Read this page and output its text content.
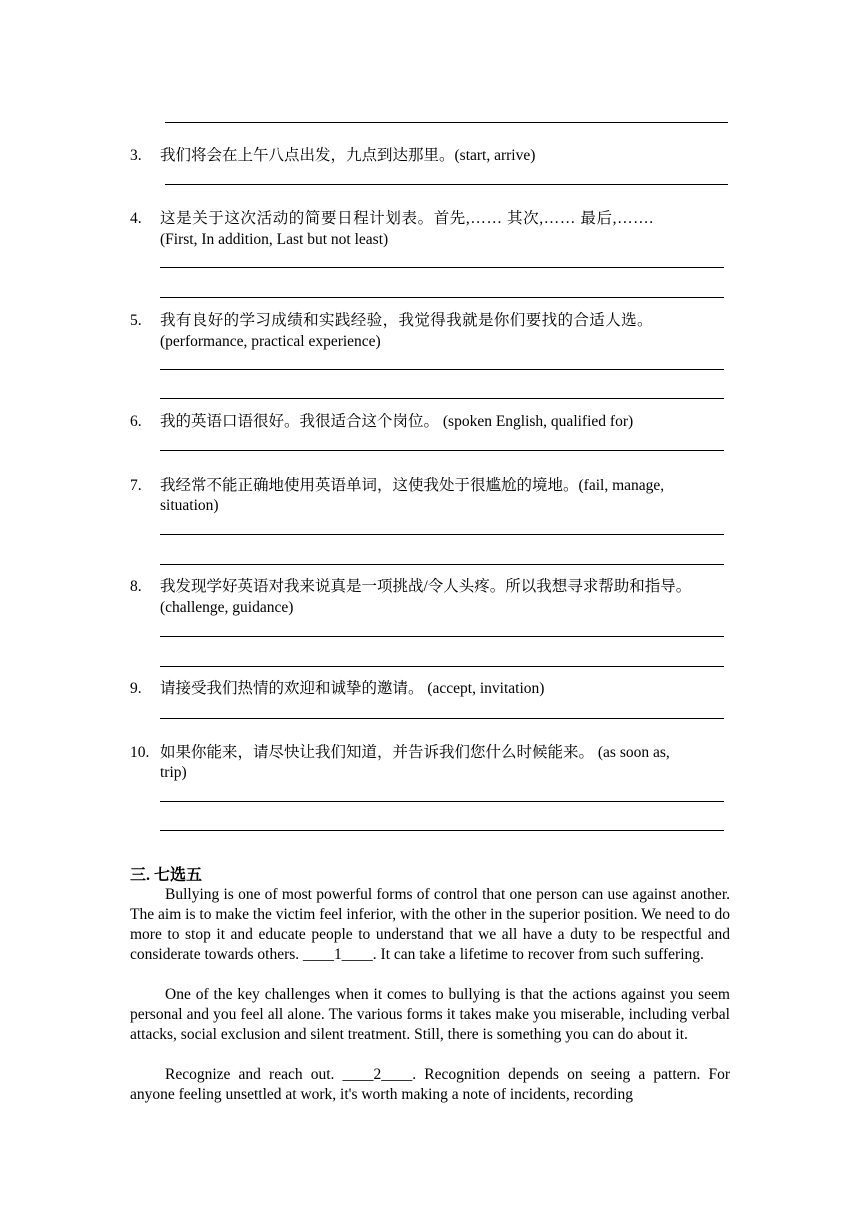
3. 我们将会在上午八点出发，九点到达那里。(start, arrive)
4. 这是关于这次活动的简要日程计划表。首先,…… 其次,…… 最后,…….
(First, In addition, Last but not least)
5. 我有良好的学习成绩和实践经验，我觉得我就是你们要找的合适人选。
(performance, practical experience)
6. 我的英语口语很好。我很适合这个岗位。 (spoken English, qualified for)
7. 我经常不能正确地使用英语单词，这使我处于很尴尬的境地。(fail, manage,
situation)
8. 我发现学好英语对我来说真是一项挑战/令人头疼。所以我想寻求帮助和指导。
(challenge, guidance)
9. 请接受我们热情的欢迎和诚挚的邀请。 (accept, invitation)
10. 如果你能来，请尽快让我们知道，并告诉我们您什么时候能来。 (as soon as,
trip)
三. 七选五

Bullying is one of most powerful forms of control that one person can use against another. The aim is to make the victim feel inferior, with the other in the superior position. We need to do more to stop it and educate people to understand that we all have a duty to be respectful and considerate towards others. ____1____. It can take a lifetime to recover from such suffering.

One of the key challenges when it comes to bullying is that the actions against you seem personal and you feel all alone. The various forms it takes make you miserable, including verbal attacks, social exclusion and silent treatment. Still, there is something you can do about it.

Recognize and reach out. ____2____. Recognition depends on seeing a pattern. For anyone feeling unsettled at work, it's worth making a note of incidents, recording
